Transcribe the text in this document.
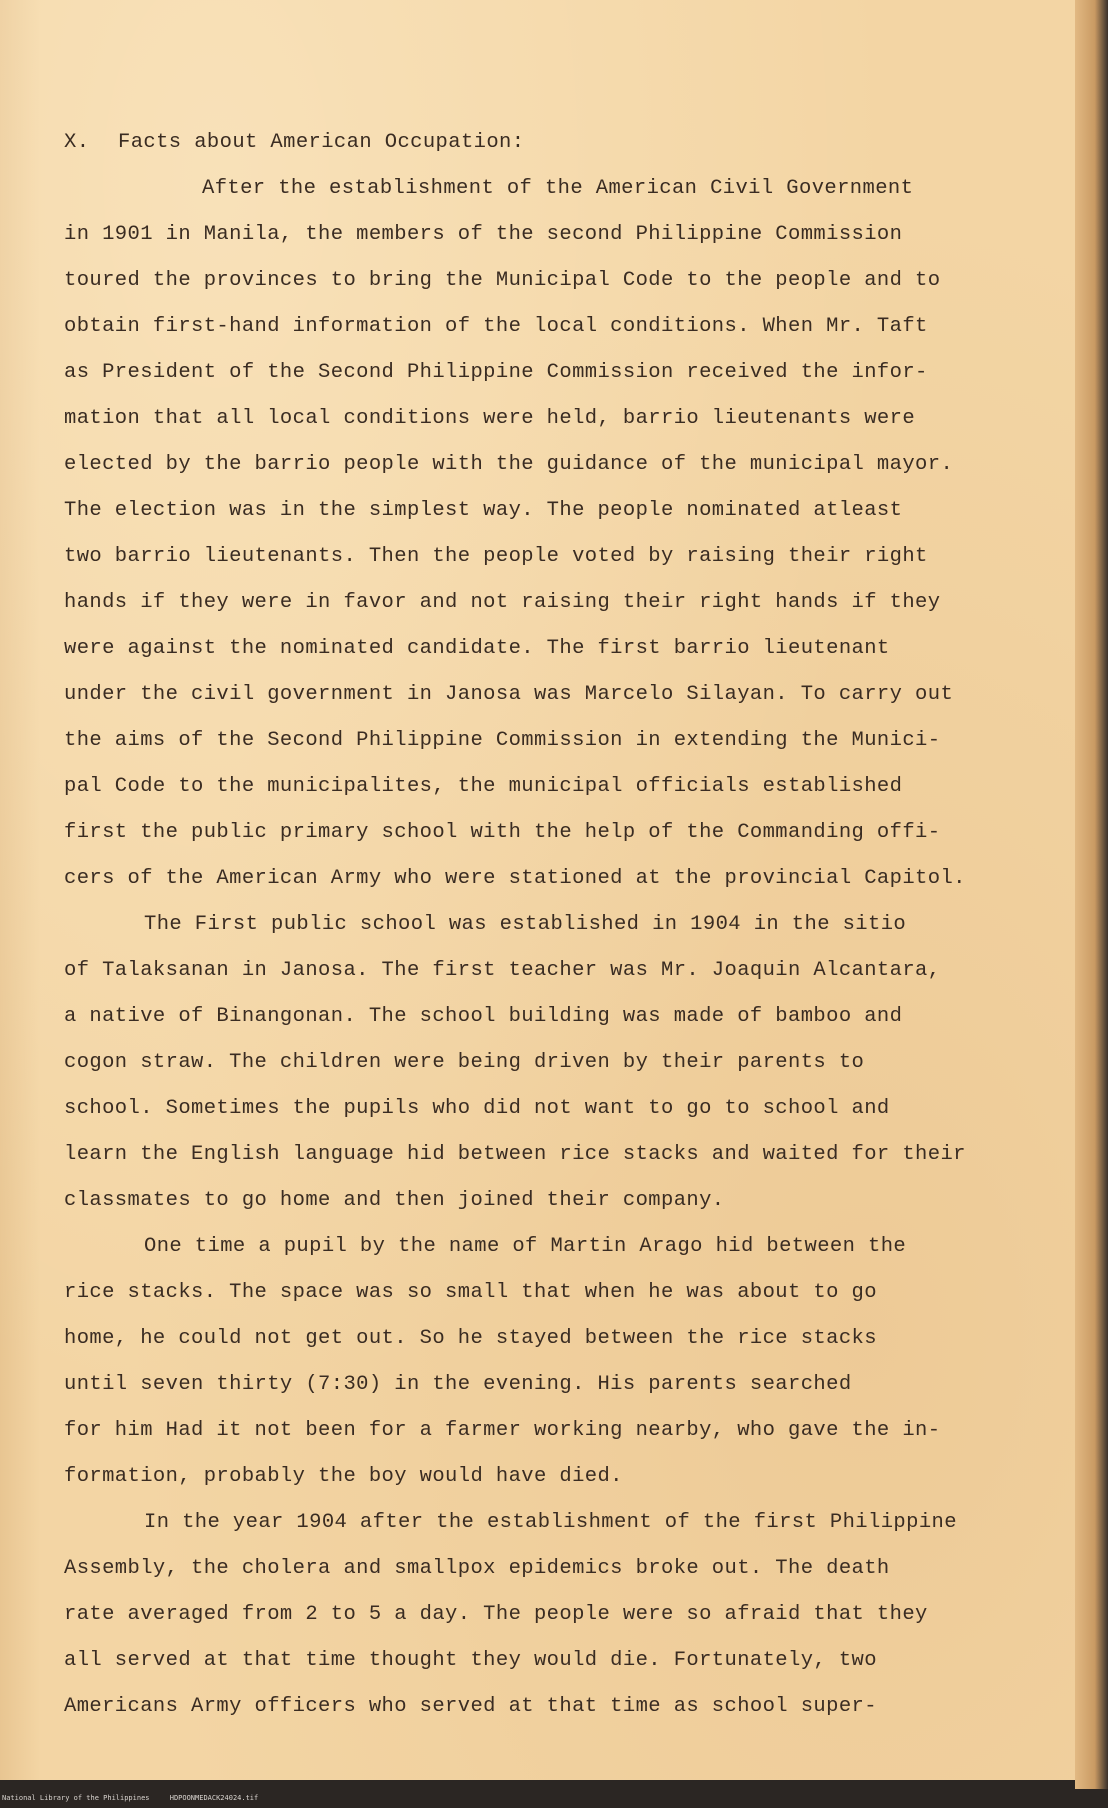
X. Facts about American Occupation:
After the establishment of the American Civil Government
in 1901 in Manila, the members of the second Philippine Commission
toured the provinces to bring the Municipal Code to the people and to
obtain first-hand information of the local conditions. When Mr. Taft
as President of the Second Philippine Commission received the infor-
mation that all local conditions were held, barrio lieutenants were
elected by the barrio people with the guidance of the municipal mayor.
The election was in the simplest way. The people nominated atleast
two barrio lieutenants. Then the people voted by raising their right
hands if they were in favor and not raising their right hands if they
were against the nominated candidate. The first barrio lieutenant
under the civil government in Janosa was Marcelo Silayan. To carry out
the aims of the Second Philippine Commission in extending the Munici-
pal Code to the municipalites, the municipal officials established
first the public primary school with the help of the Commanding offi-
cers of the American Army who were stationed at the provincial Capitol.
The First public school was established in 1904 in the sitio
of Talaksanan in Janosa. The first teacher was Mr. Joaquin Alcantara,
a native of Binangonan. The school building was made of bamboo and
cogon straw. The children were being driven by their parents to
school. Sometimes the pupils who did not want to go to school and
learn the English language hid between rice stacks and waited for their
classmates to go home and then joined their company.
One time a pupil by the name of Martin Arago hid between the
rice stacks. The space was so small that when he was about to go
home, he could not get out. So he stayed between the rice stacks
until seven thirty (7:30) in the evening. His parents searched
for him Had it not been for a farmer working nearby, who gave the in-
formation, probably the boy would have died.
In the year 1904 after the establishment of the first Philippine
Assembly, the cholera and smallpox epidemics broke out. The death
rate averaged from 2 to 5 a day. The people were so afraid that they
all served at that time thought they would die. Fortunately, two
Americans Army officers who served at that time as school super-
National Library of the Philippines	HDPOONMEDACK24024.tif
